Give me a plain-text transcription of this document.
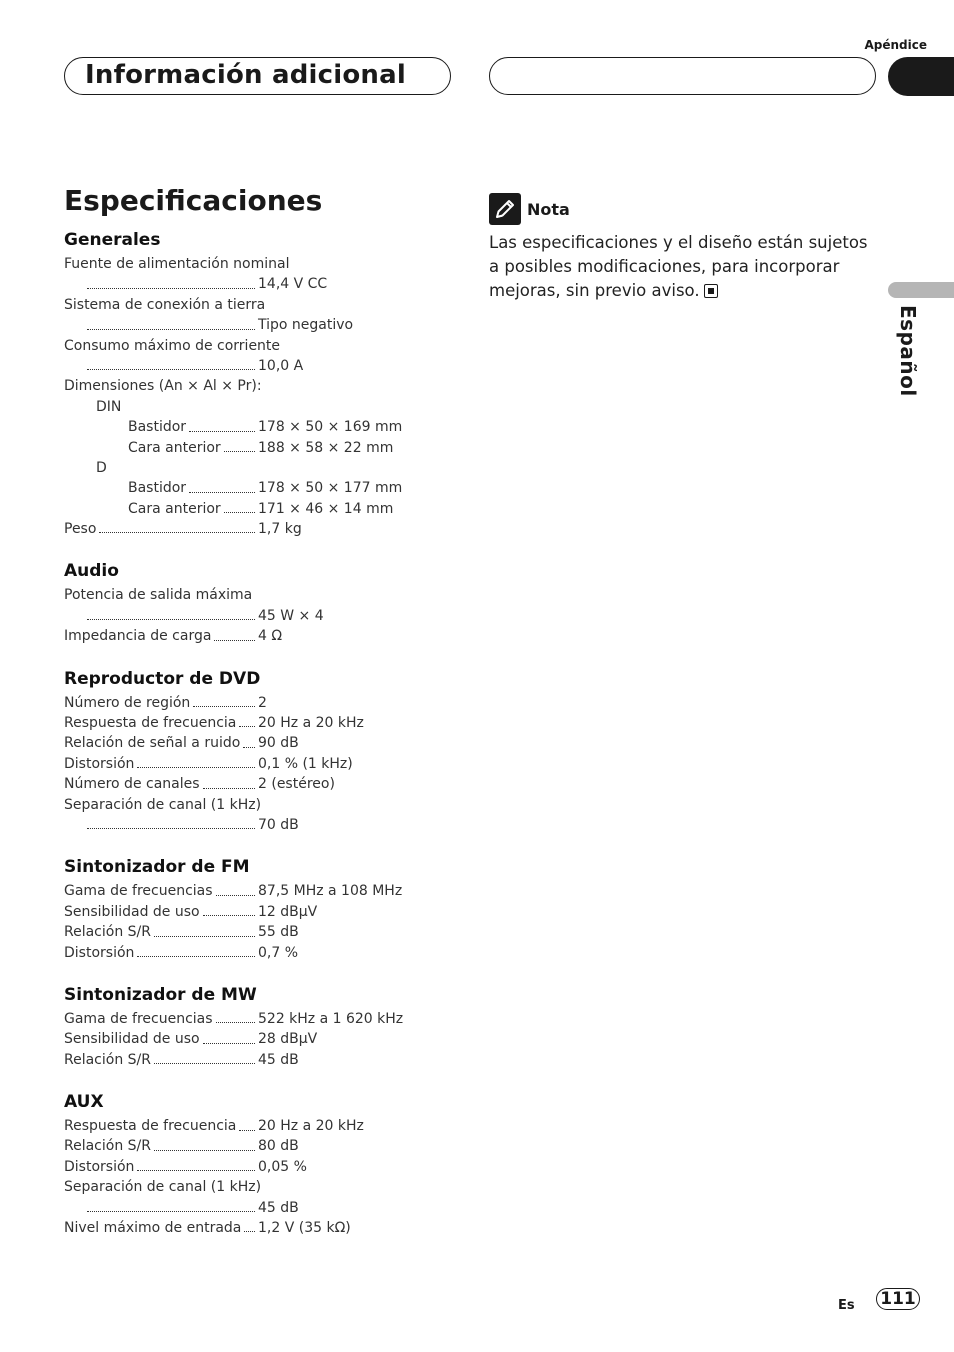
Apéndice
Información adicional
Especificaciones
Generales
Fuente de alimentación nominal
14,4 V CC
Sistema de conexión a tierra
Tipo negativo
Consumo máximo de corriente
10,0 A
Dimensiones (An × Al × Pr):
DIN
Bastidor	178 × 50 × 169 mm
Cara anterior	188 × 58 × 22 mm
D
Bastidor	178 × 50 × 177 mm
Cara anterior	171 × 46 × 14 mm
Peso	1,7 kg
Audio
Potencia de salida máxima
45 W × 4
Impedancia de carga	4 Ω
Reproductor de DVD
Número de región	2
Respuesta de frecuencia 20 Hz a 20 kHz
Relación de señal a ruido 90 dB
Distorsión	0,1 % (1 kHz)
Número de canales	2 (estéreo)
Separación de canal (1 kHz)
70 dB
Sintonizador de FM
Gama de frecuencias	87,5 MHz a 108 MHz
Sensibilidad de uso	12 dBμV
Relación S/R	55 dB
Distorsión	0,7 %
Sintonizador de MW
Gama de frecuencias	522 kHz a 1 620 kHz
Sensibilidad de uso	28 dBμV
Relación S/R	45 dB
AUX
Respuesta de frecuencia 20 Hz a 20 kHz
Relación S/R	80 dB
Distorsión	0,05 %
Separación de canal (1 kHz)
45 dB
Nivel máximo de entrada 1,2 V (35 kΩ)
Nota

Las especificaciones y el diseño están sujetos a posibles modificaciones, para incorporar mejoras, sin previo aviso.

Español
Es 111
